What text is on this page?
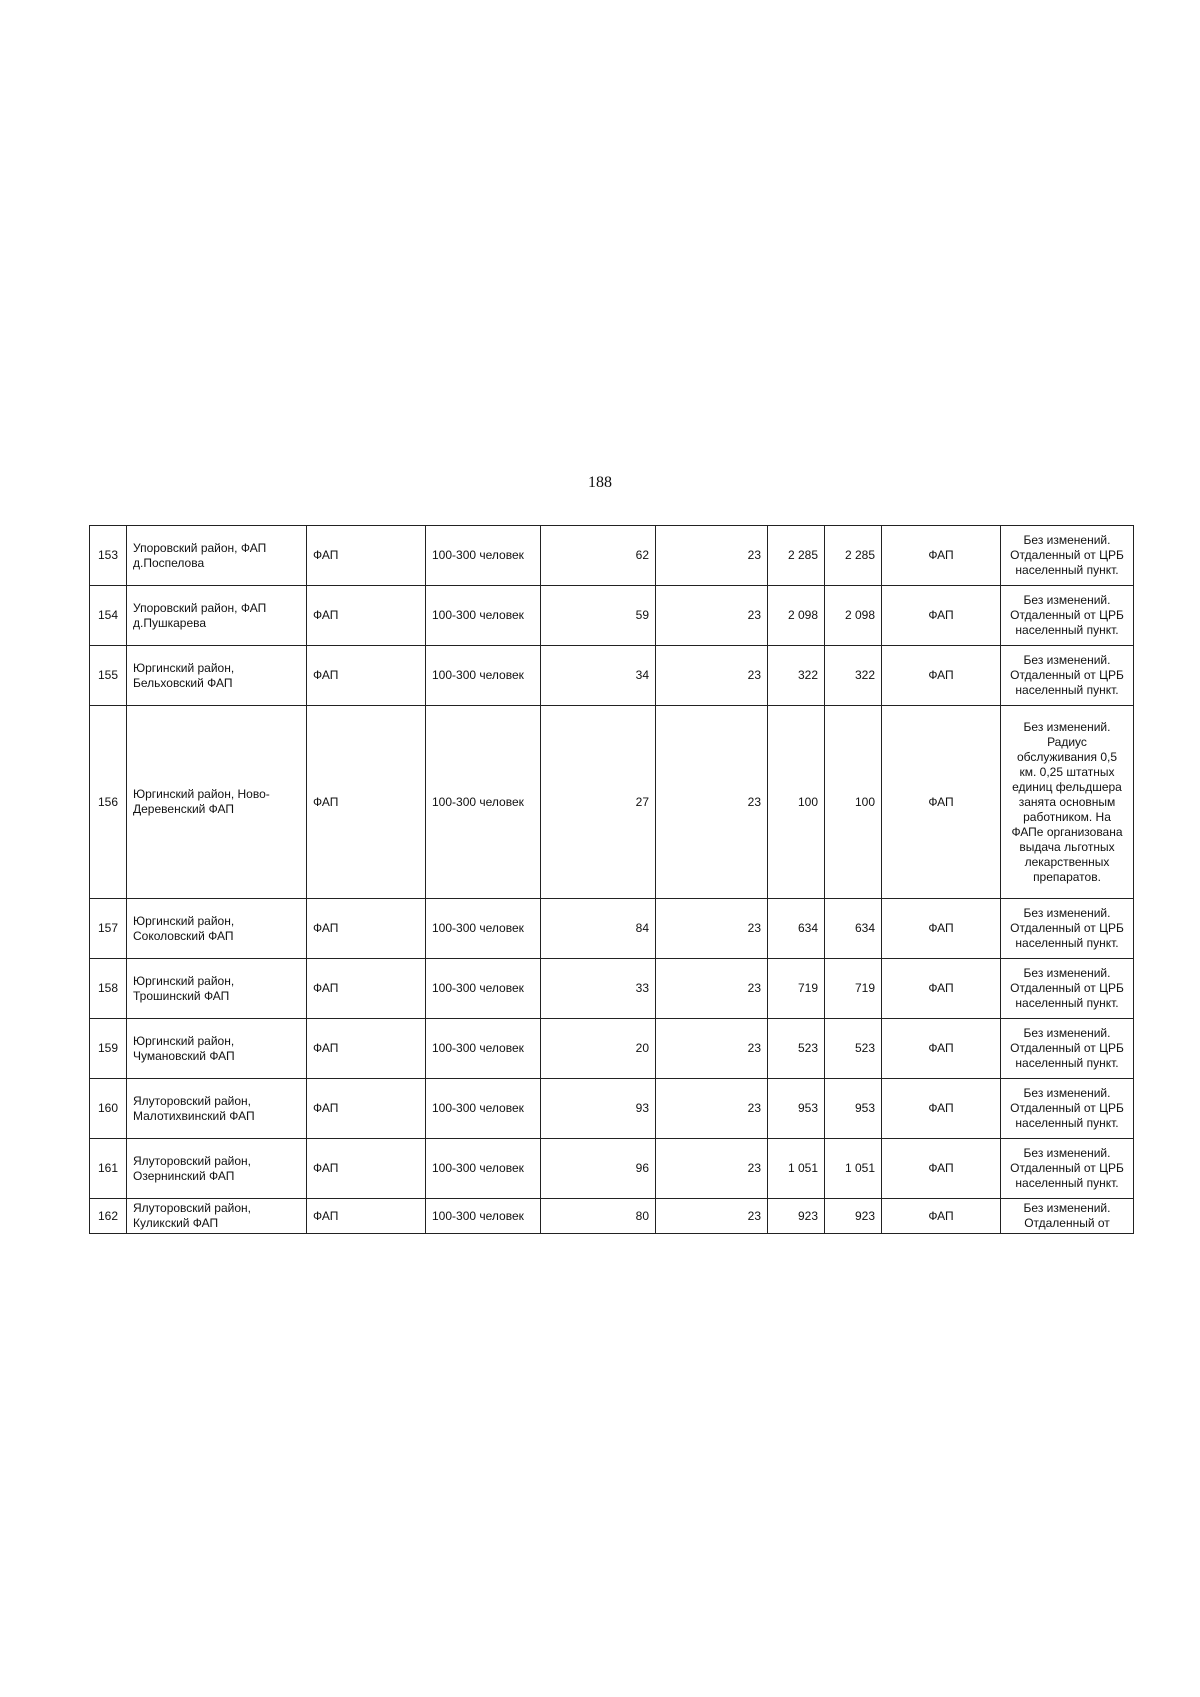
188
153	Упоровский район, ФАП д.Поспелова	ФАП	100-300 человек	62	23	2 285	2 285	ФАП	Без изменений. Отдаленный от ЦРБ населенный пункт.
154	Упоровский район, ФАП д.Пушкарева	ФАП	100-300 человек	59	23	2 098	2 098	ФАП	Без изменений. Отдаленный от ЦРБ населенный пункт.
155	Юргинский район, Бельховский ФАП	ФАП	100-300 человек	34	23	322	322	ФАП	Без изменений. Отдаленный от ЦРБ населенный пункт.
156	Юргинский район, Ново-Деревенский ФАП	ФАП	100-300 человек	27	23	100	100	ФАП	Без изменений. Радиус обслуживания 0,5 км. 0,25 штатных единиц фельдшера занята основным работником. На ФАПе организована выдача льготных лекарственных препаратов.
157	Юргинский район, Соколовский ФАП	ФАП	100-300 человек	84	23	634	634	ФАП	Без изменений. Отдаленный от ЦРБ населенный пункт.
158	Юргинский район, Трошинский ФАП	ФАП	100-300 человек	33	23	719	719	ФАП	Без изменений. Отдаленный от ЦРБ населенный пункт.
159	Юргинский район, Чумановский ФАП	ФАП	100-300 человек	20	23	523	523	ФАП	Без изменений. Отдаленный от ЦРБ населенный пункт.
160	Ялуторовский район, Малотихвинский ФАП	ФАП	100-300 человек	93	23	953	953	ФАП	Без изменений. Отдаленный от ЦРБ населенный пункт.
161	Ялуторовский район, Озернинский ФАП	ФАП	100-300 человек	96	23	1 051	1 051	ФАП	Без изменений. Отдаленный от ЦРБ населенный пункт.
162	Ялуторовский район, Куликский ФАП	ФАП	100-300 человек	80	23	923	923	ФАП	Без изменений. Отдаленный от
